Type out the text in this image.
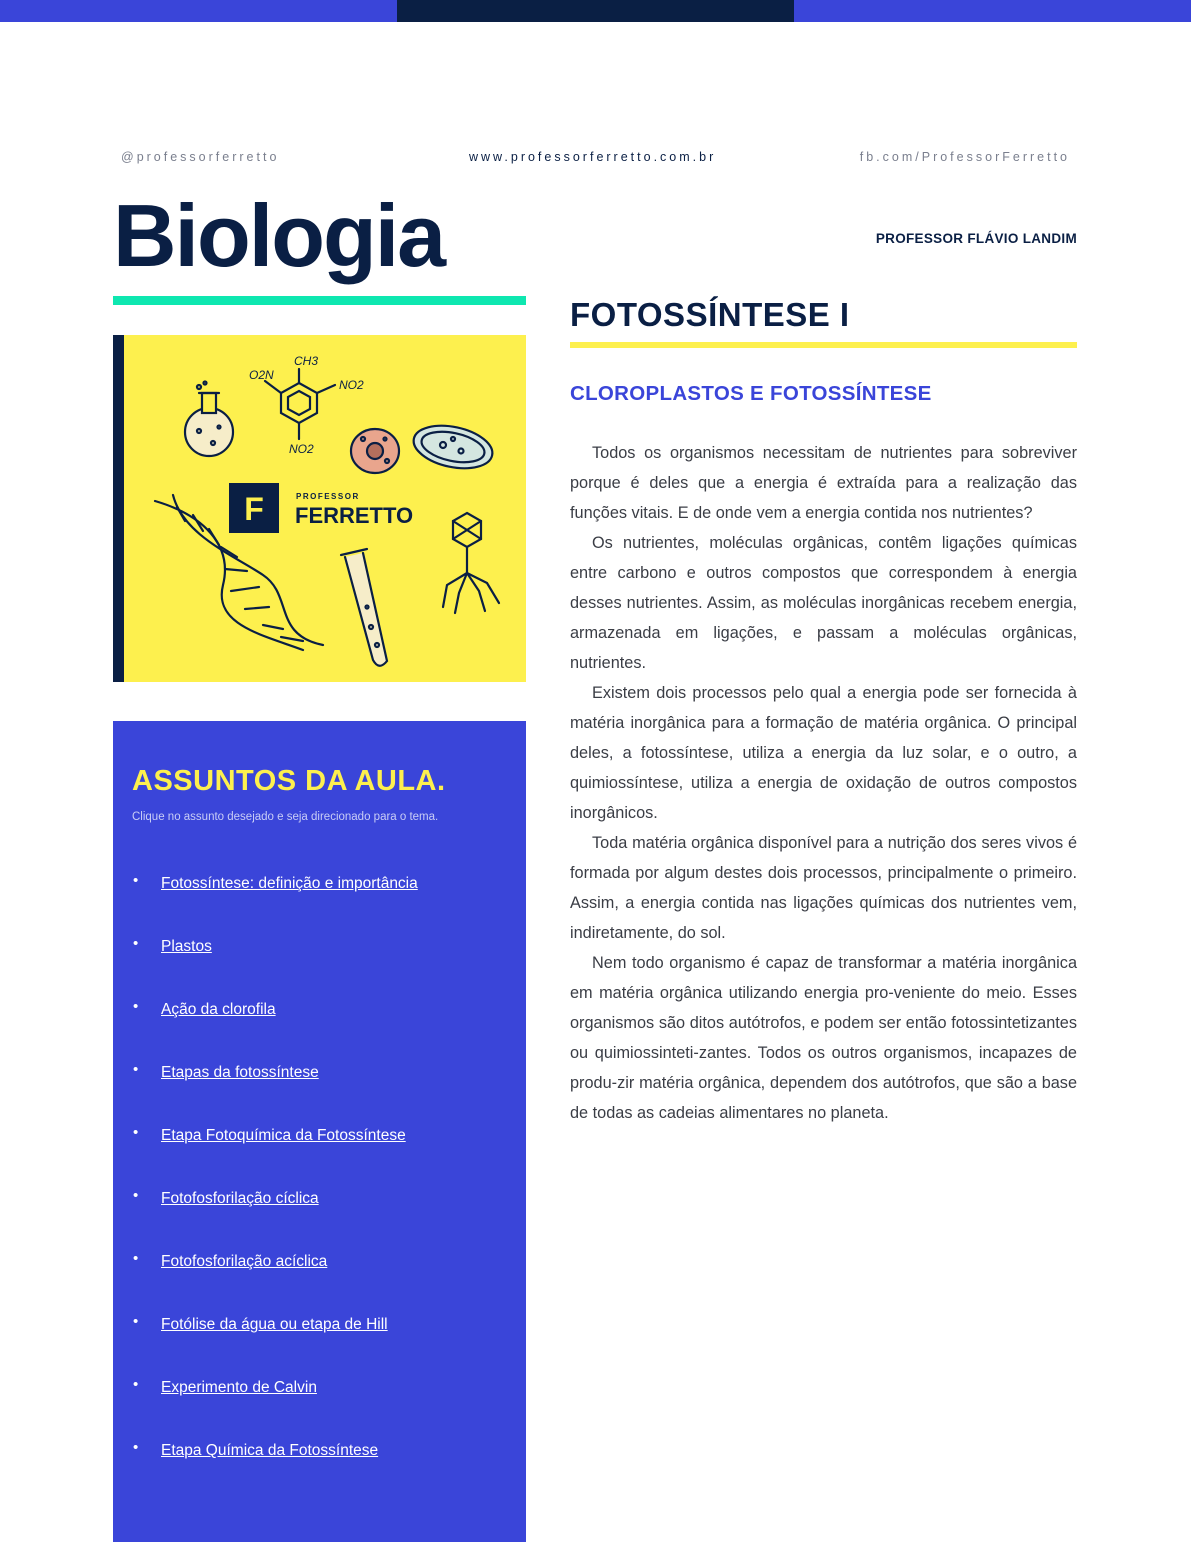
@professorferretto	www.professorferretto.com.br	fb.com/ProfessorFerretto
Biologia	PROFESSOR FLÁVIO LANDIM
CH3
O2N
NO2
NO2
F	PROFESSOR
FERRETTO
ASSUNTOS DA AULA.
Clique no assunto desejado e seja direcionado para o tema.
• Fotossíntese: definição e importância
• Plastos
• Ação da clorofila
• Etapas da fotossíntese
• Etapa Fotoquímica da Fotossíntese
• Fotofosforilação cíclica
• Fotofosforilação acíclica
• Fotólise da água ou etapa de Hill
• Experimento de Calvin
• Etapa Química da Fotossíntese
FOTOSSÍNTESE I
CLOROPLASTOS E FOTOSSÍNTESE

Todos os organismos necessitam de nutrientes para sobreviver porque é deles que a energia é extraída para a realização das funções vitais. E de onde vem a energia contida nos nutrientes?

Os nutrientes, moléculas orgânicas, contêm ligações químicas entre carbono e outros compostos que correspondem à energia desses nutrientes. Assim, as moléculas inorgânicas recebem energia, armazenada em ligações, e passam a moléculas orgânicas, nutrientes.

Existem dois processos pelo qual a energia pode ser fornecida à matéria inorgânica para a formação de matéria orgânica. O principal deles, a fotossíntese, utiliza a energia da luz solar, e o outro, a quimiossíntese, utiliza a energia de oxidação de outros compostos inorgânicos.

Toda matéria orgânica disponível para a nutrição dos seres vivos é formada por algum destes dois processos, principalmente o primeiro. Assim, a energia contida nas ligações químicas dos nutrientes vem, indiretamente, do sol.

Nem todo organismo é capaz de transformar a matéria inorgânica em matéria orgânica utilizando energia pro-veniente do meio. Esses organismos são ditos autótrofos, e podem ser então fotossintetizantes ou quimiossinteti-zantes. Todos os outros organismos, incapazes de produ-zir matéria orgânica, dependem dos autótrofos, que são a base de todas as cadeias alimentares no planeta.
